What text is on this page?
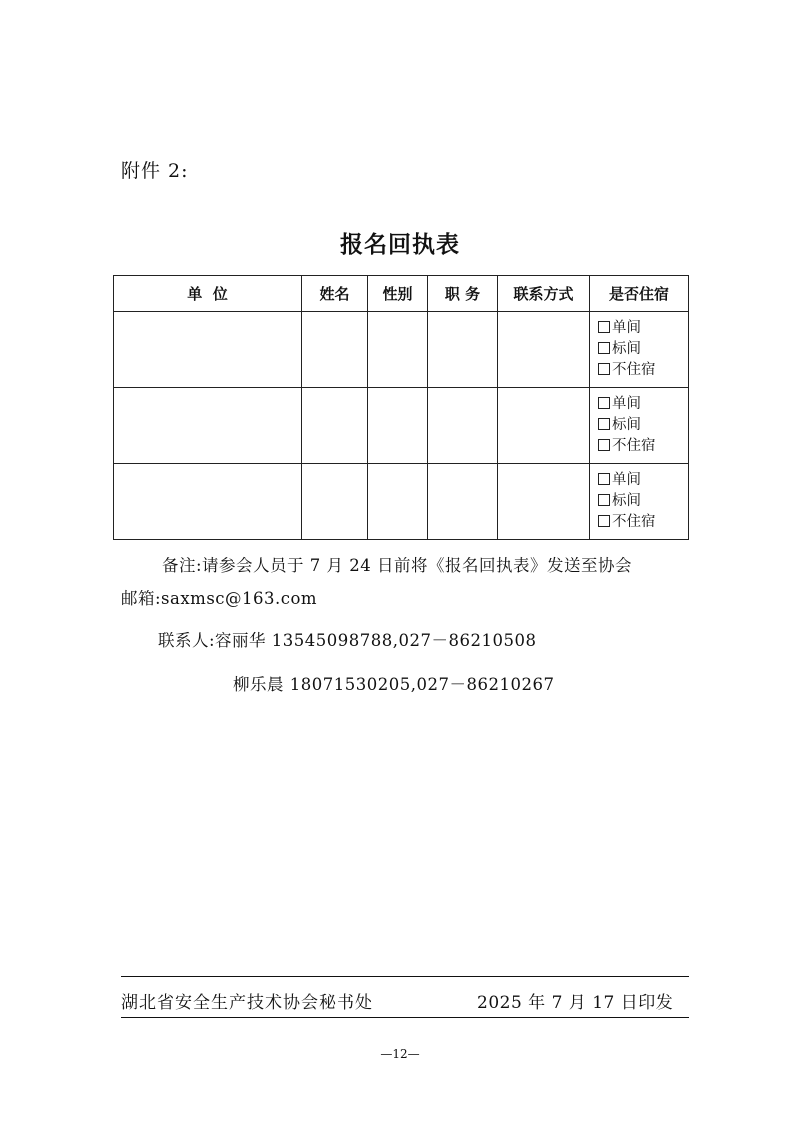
附件 2:
报名回执表
单  位	姓名	性别	职 务	联系方式	是否住宿

					单间
标间
不住宿

					单间
标间
不住宿

					单间
标间
不住宿
备注:请参会人员于 7 月 24 日前将《报名回执表》发送至协会
邮箱:saxmsc@163.com
联系人:容丽华 13545098788,027－86210508
柳乐晨 18071530205,027－86210267
湖北省安全生产技术协会秘书处	2025 年 7 月 17 日印发
—12—
